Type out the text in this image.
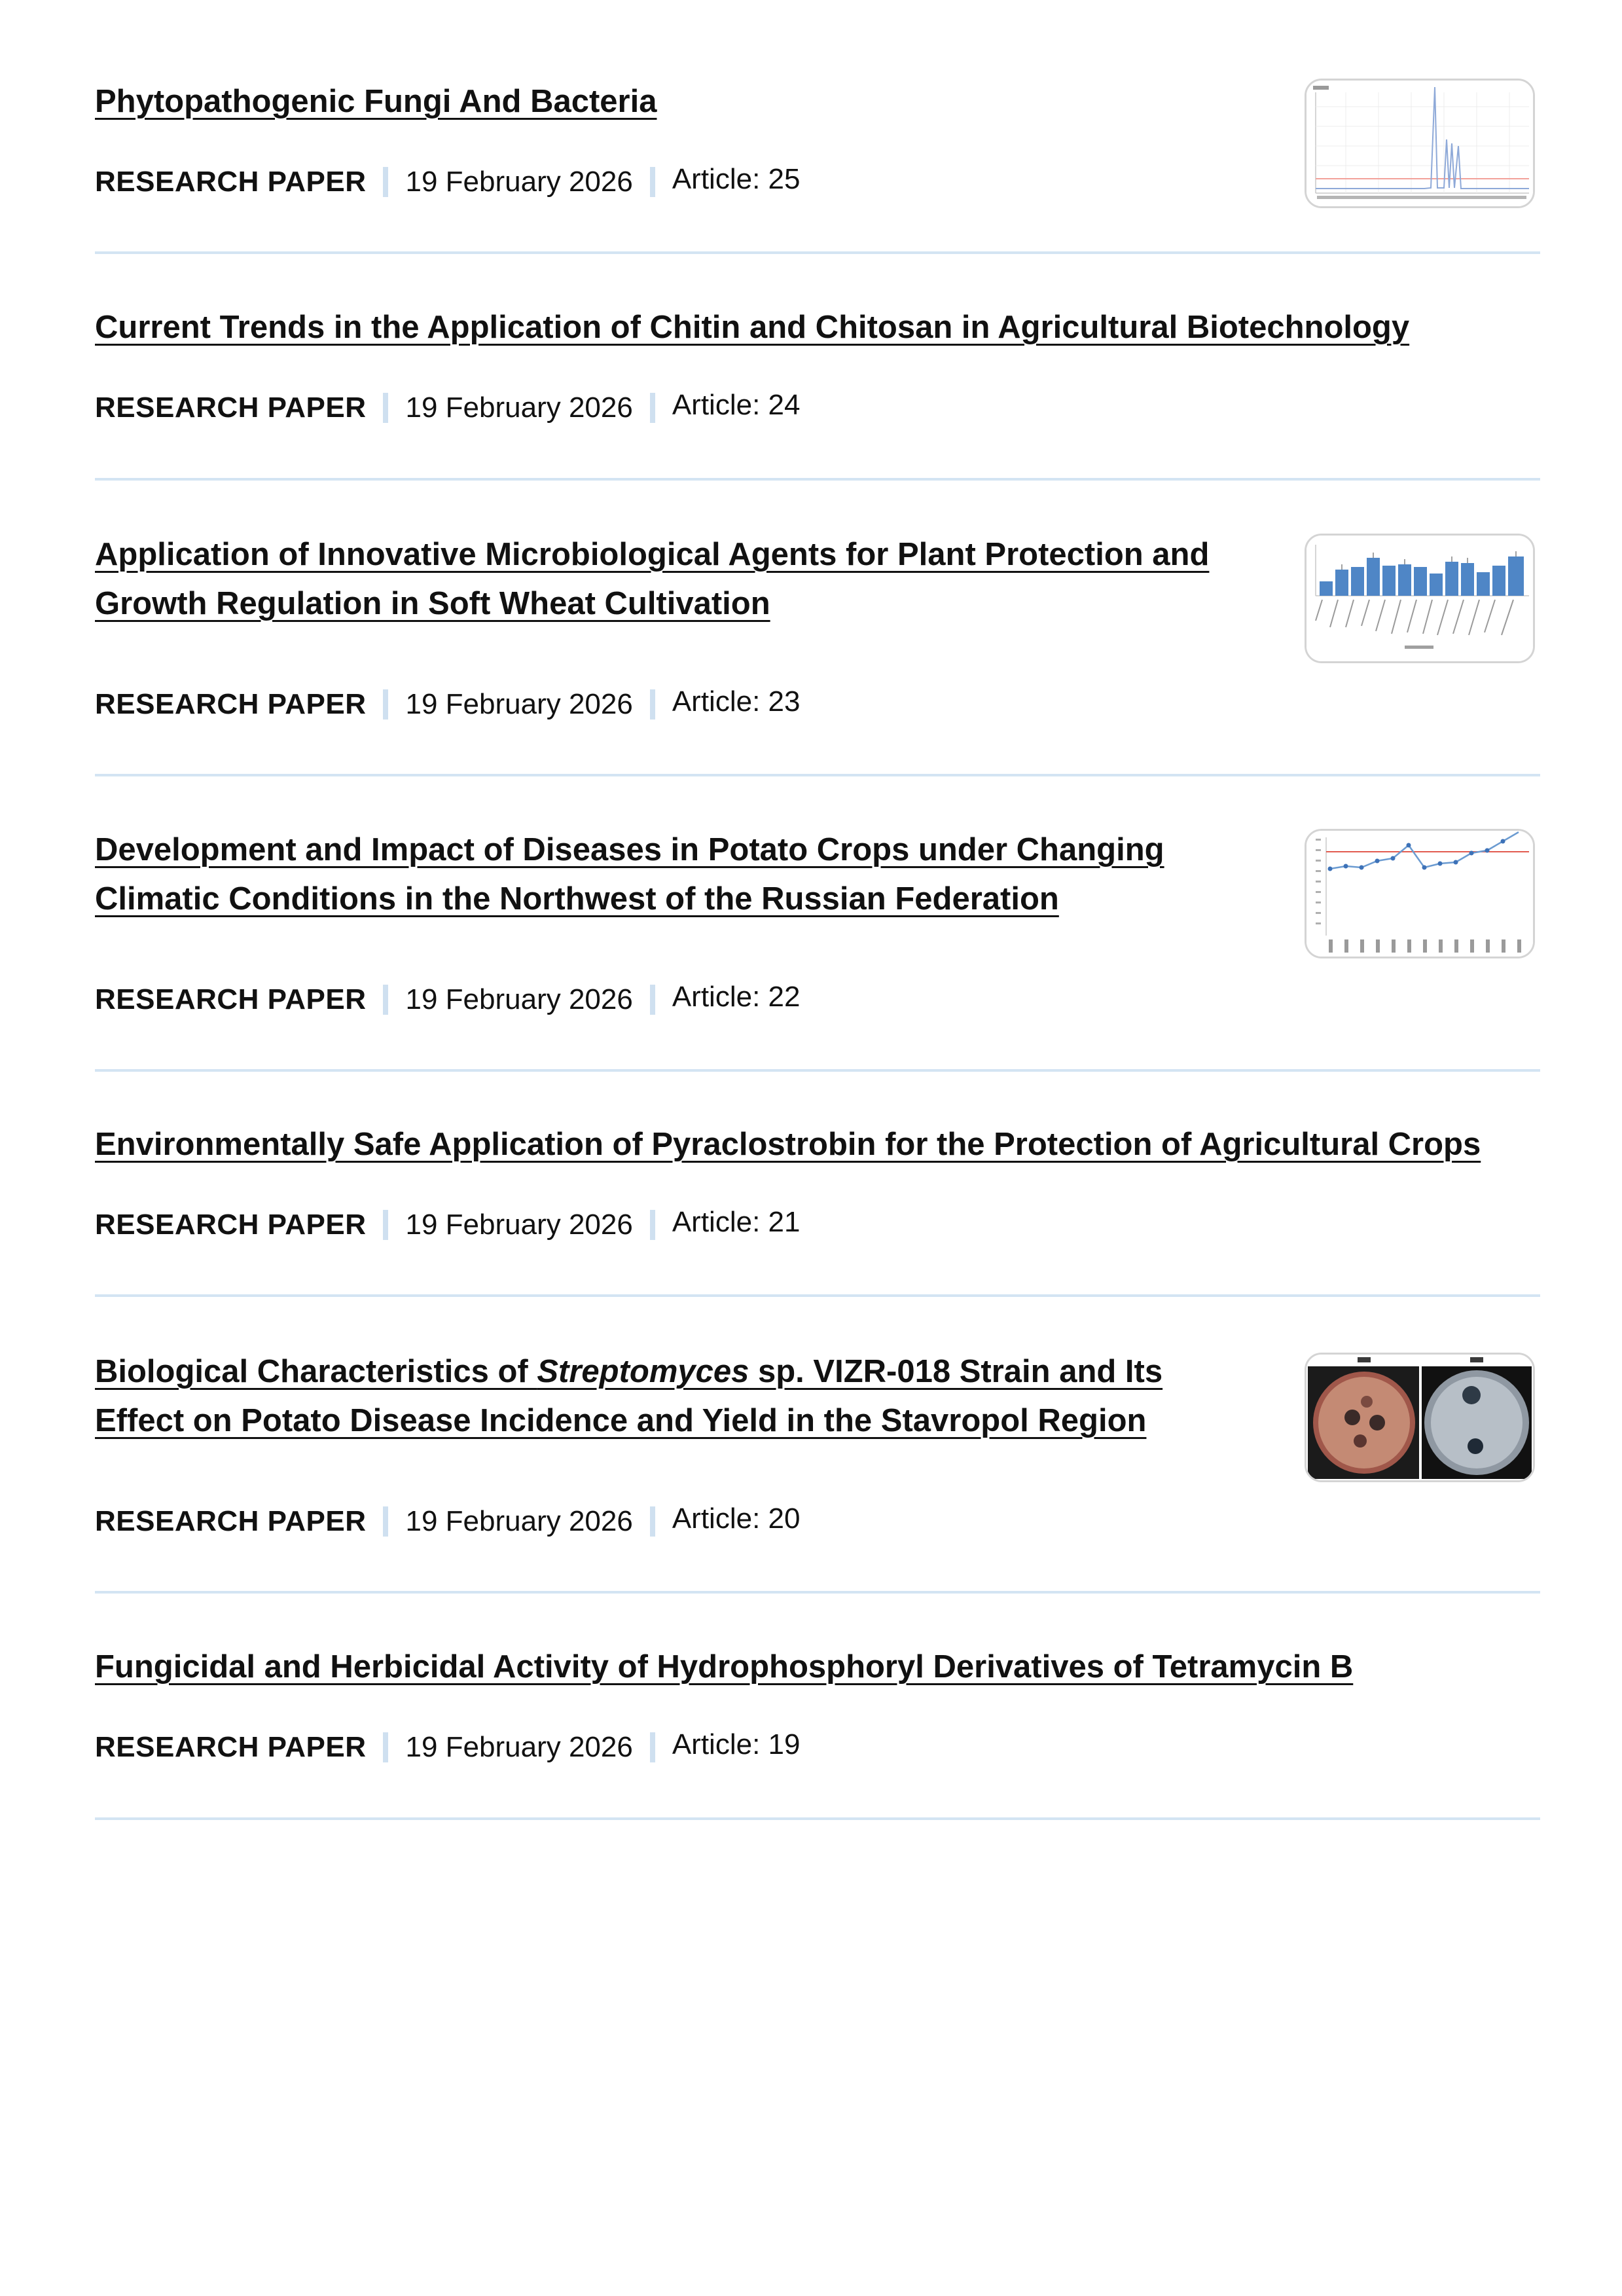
Phytopathogenic Fungi And Bacteria
RESEARCH PAPER 19 February 2026 Article: 25
Current Trends in the Application of Chitin and Chitosan in Agricultural Biotechnology
RESEARCH PAPER 19 February 2026 Article: 24
Application of Innovative Microbiological Agents for Plant Protection and
Growth Regulation in Soft Wheat Cultivation
RESEARCH PAPER 19 February 2026 Article: 23
Development and Impact of Diseases in Potato Crops under Changing
Climatic Conditions in the Northwest of the Russian Federation
RESEARCH PAPER 19 February 2026 Article: 22
Environmentally Safe Application of Pyraclostrobin for the Protection of Agricultural Crops
RESEARCH PAPER 19 February 2026 Article: 21
Biological Characteristics of Streptomyces sp. VIZR-018 Strain and Its
Effect on Potato Disease Incidence and Yield in the Stavropol Region
RESEARCH PAPER 19 February 2026 Article: 20
Fungicidal and Herbicidal Activity of Hydrophosphoryl Derivatives of Tetramycin B
RESEARCH PAPER 19 February 2026 Article: 19
